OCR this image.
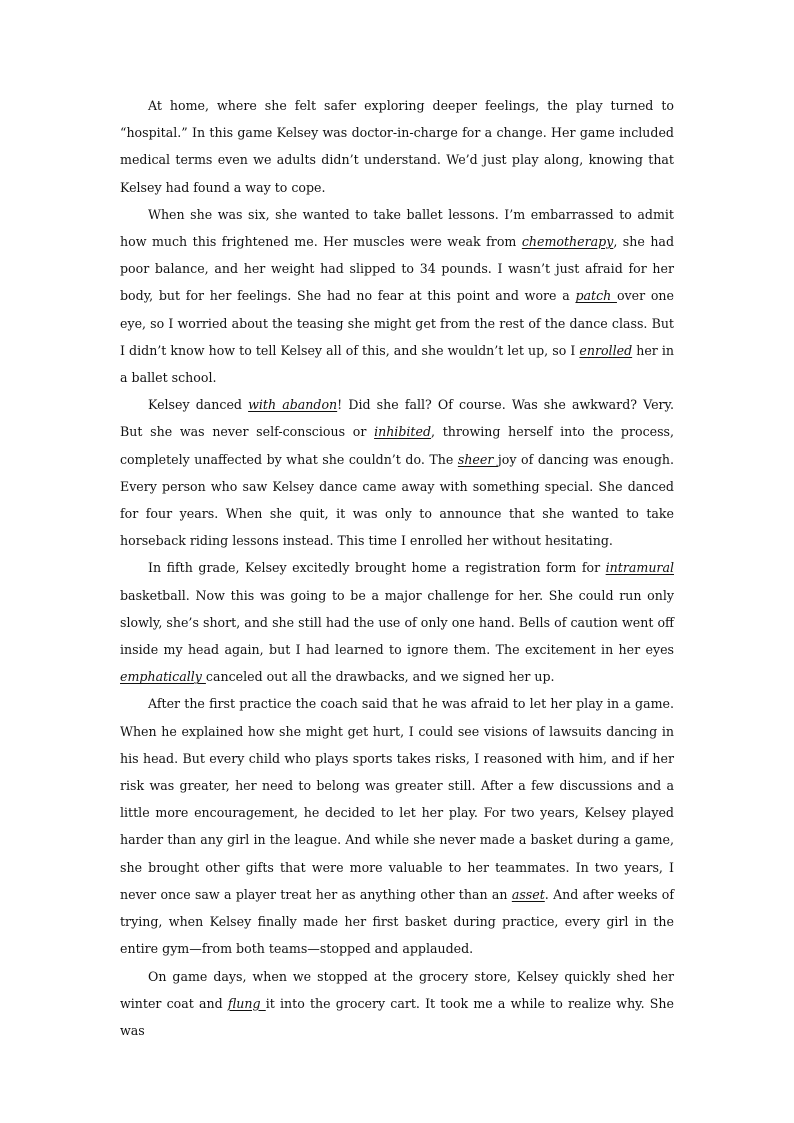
At home, where she felt safer exploring deeper feelings, the play turned to “hospital.” In this game Kelsey was doctor-in-charge for a change. Her game included medical terms even we adults didn’t understand. We’d just play along, knowing that Kelsey had found a way to cope.

When she was six, she wanted to take ballet lessons. I’m embarrassed to admit how much this frightened me. Her muscles were weak from chemotherapy, she had poor balance, and her weight had slipped to 34 pounds. I wasn’t just afraid for her body, but for her feelings. She had no fear at this point and wore a patch over one eye, so I worried about the teasing she might get from the rest of the dance class. But I didn’t know how to tell Kelsey all of this, and she wouldn’t let up, so I enrolled her in a ballet school.

Kelsey danced with abandon! Did she fall? Of course. Was she awkward? Very. But she was never self-conscious or inhibited, throwing herself into the process, completely unaffected by what she couldn’t do. The sheer joy of dancing was enough. Every person who saw Kelsey dance came away with something special. She danced for four years. When she quit, it was only to announce that she wanted to take horseback riding lessons instead. This time I enrolled her without hesitating.

In fifth grade, Kelsey excitedly brought home a registration form for intramural basketball. Now this was going to be a major challenge for her. She could run only slowly, she’s short, and she still had the use of only one hand. Bells of caution went off inside my head again, but I had learned to ignore them. The excitement in her eyes emphatically canceled out all the drawbacks, and we signed her up.

After the first practice the coach said that he was afraid to let her play in a game. When he explained how she might get hurt, I could see visions of lawsuits dancing in his head. But every child who plays sports takes risks, I reasoned with him, and if her risk was greater, her need to belong was greater still. After a few discussions and a little more encouragement, he decided to let her play. For two years, Kelsey played harder than any girl in the league. And while she never made a basket during a game, she brought other gifts that were more valuable to her teammates. In two years, I never once saw a player treat her as anything other than an asset. And after weeks of trying, when Kelsey finally made her first basket during practice, every girl in the entire gym—from both teams—stopped and applauded.

On game days, when we stopped at the grocery store, Kelsey quickly shed her winter coat and flung it into the grocery cart. It took me a while to realize why. She was
